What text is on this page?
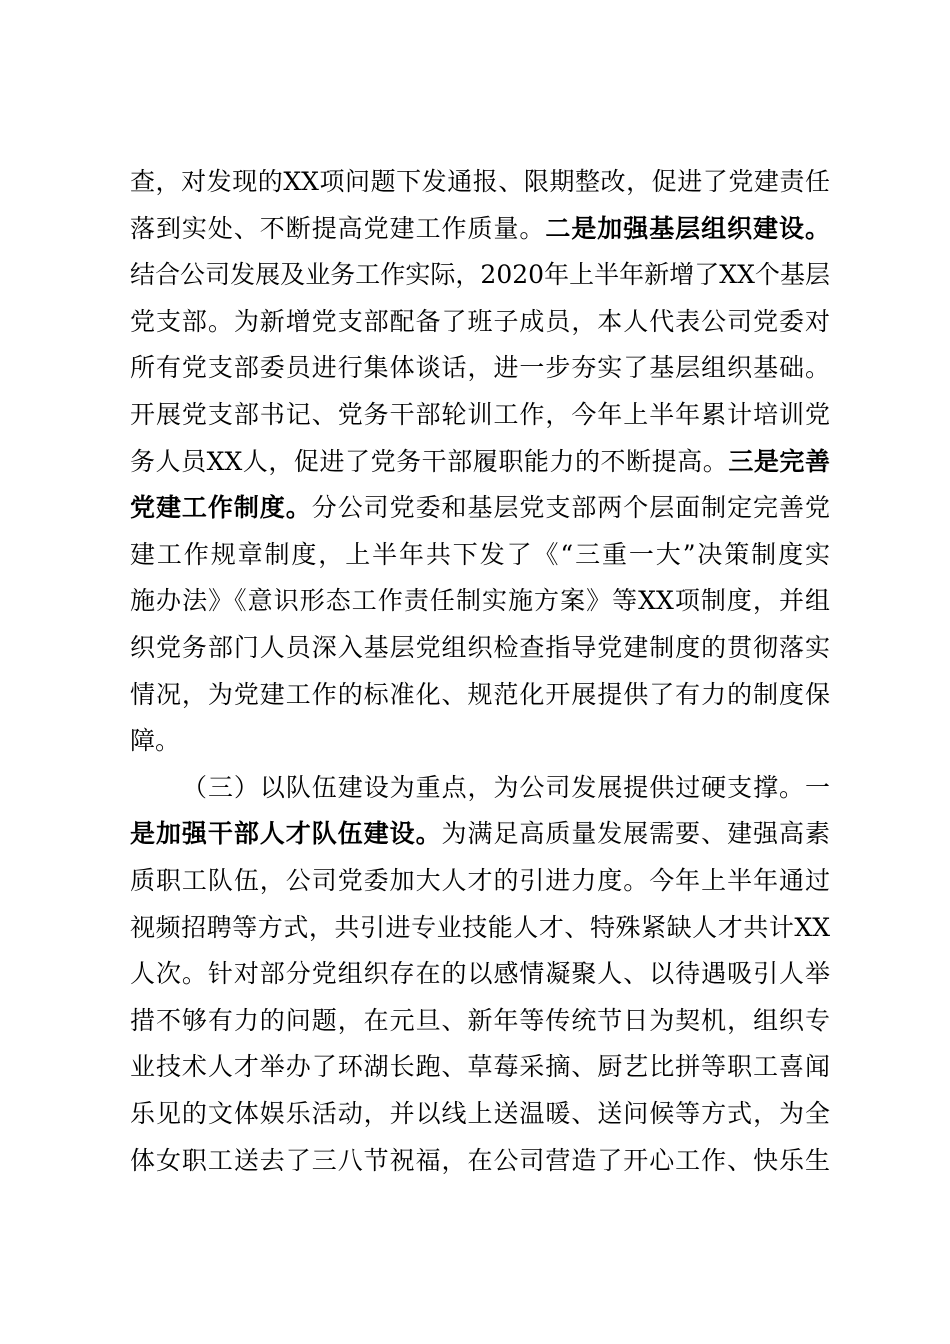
查，对发现的XX项问题下发通报、限期整改，促进了党建责任
落到实处、不断提高党建工作质量。二是加强基层组织建设。
结合公司发展及业务工作实际，2020年上半年新增了XX个基层
党支部。为新增党支部配备了班子成员，本人代表公司党委对
所有党支部委员进行集体谈话，进一步夯实了基层组织基础。
开展党支部书记、党务干部轮训工作，今年上半年累计培训党
务人员XX人，促进了党务干部履职能力的不断提高。三是完善
党建工作制度。分公司党委和基层党支部两个层面制定完善党
建工作规章制度，上半年共下发了《“三重一大”决策制度实
施办法》《意识形态工作责任制实施方案》等XX项制度，并组
织党务部门人员深入基层党组织检查指导党建制度的贯彻落实
情况，为党建工作的标准化、规范化开展提供了有力的制度保
障。
（三）以队伍建设为重点，为公司发展提供过硬支撑。一
是加强干部人才队伍建设。为满足高质量发展需要、建强高素
质职工队伍，公司党委加大人才的引进力度。今年上半年通过
视频招聘等方式，共引进专业技能人才、特殊紧缺人才共计XX
人次。针对部分党组织存在的以感情凝聚人、以待遇吸引人举
措不够有力的问题，在元旦、新年等传统节日为契机，组织专
业技术人才举办了环湖长跑、草莓采摘、厨艺比拼等职工喜闻
乐见的文体娱乐活动，并以线上送温暖、送问候等方式，为全
体女职工送去了三八节祝福，在公司营造了开心工作、快乐生
